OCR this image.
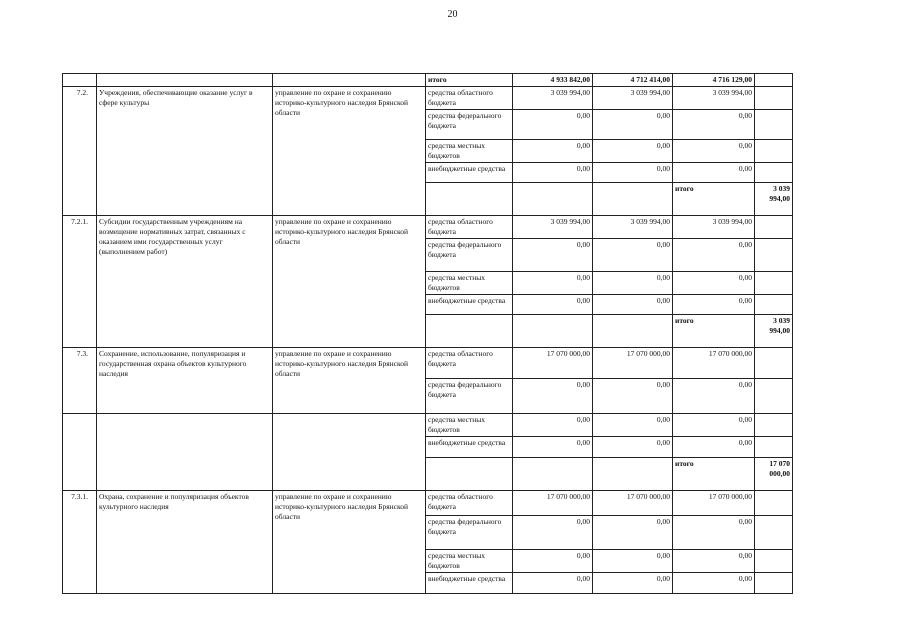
20
			итого	4 933 842,00	4 712 414,00	4 716 129,00		
7.2.	Учреждения, обеспечивающие оказание услуг в сфере культуры	управление по охране и сохранению историко-культурного наследия Брянской области	средства областного бюджета	3 039 994,00	3 039 994,00	3 039 994,00		
			средства федерального бюджета	0,00	0,00	0,00		
			средства местных бюджетов	0,00	0,00	0,00		
			внебюджетные средства	0,00	0,00	0,00		
						итого	3 039 994,00			
7.2.1.	Субсидии государственным учреждениям на возмещение нормативных затрат, связанных с оказанием ими государственных услуг (выполнением работ)	управление по охране и сохранению историко-культурного наследия Брянской области	средства областного бюджета	3 039 994,00	3 039 994,00	3 039 994,00		
			средства федерального бюджета	0,00	0,00	0,00		
			средства местных бюджетов	0,00	0,00	0,00		
			внебюджетные средства	0,00	0,00	0,00		
						итого	3 039 994,00			
7.3.	Сохранение, использование, популяризация и государственная охрана объектов культурного наследия	управление по охране и сохранению историко-культурного наследия Брянской области	средства областного бюджета	17 070 000,00	17 070 000,00	17 070 000,00		
			средства федерального бюджета	0,00	0,00	0,00		
			средства местных бюджетов	0,00	0,00	0,00		
			внебюджетные средства	0,00	0,00	0,00		
						итого	17 070 000,00			
7.3.1.	Охрана, сохранение и популяризация объектов культурного наследия	управление по охране и сохранению историко-культурного наследия Брянской области	средства областного бюджета	17 070 000,00	17 070 000,00	17 070 000,00		
			средства федерального бюджета	0,00	0,00	0,00		
			средства местных бюджетов	0,00	0,00	0,00		
			внебюджетные средства	0,00	0,00	0,00		
